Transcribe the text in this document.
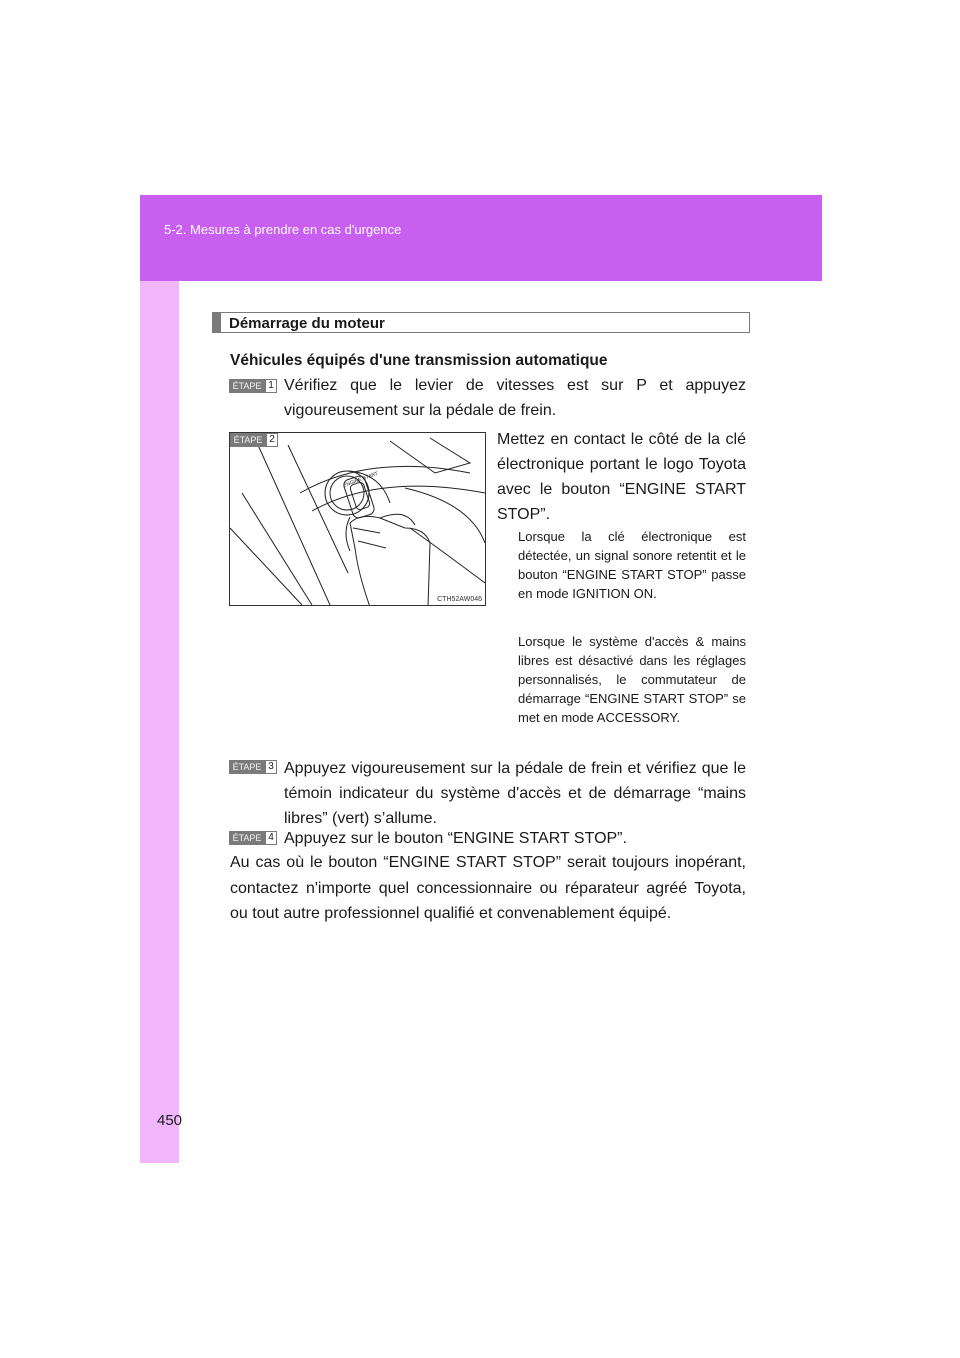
5-2. Mesures à prendre en cas d'urgence
450
Démarrage du moteur
Véhicules équipés d'une transmission automatique
ÉTAPE 1 Vérifiez que le levier de vitesses est sur P et appuyez vigoureusement sur la pédale de frein.
ENGINE START
ÉTAPE 2
CTH52AW046
Mettez en contact le côté de la clé électronique portant le logo Toyota avec le bouton “ENGINE START STOP”.
Lorsque la clé électronique est détectée, un signal sonore retentit et le bouton “ENGINE START STOP” passe en mode IGNITION ON.
Lorsque le système d'accès & mains libres est désactivé dans les réglages personnalisés, le commutateur de démarrage “ENGINE START STOP” se met en mode ACCESSORY.
ÉTAPE 3 Appuyez vigoureusement sur la pédale de frein et vérifiez que le témoin indicateur du système d'accès et de démarrage “mains libres” (vert) s’allume.
ÉTAPE 4 Appuyez sur le bouton “ENGINE START STOP”.
Au cas où le bouton “ENGINE START STOP” serait toujours inopérant, contactez n'importe quel concessionnaire ou réparateur agréé Toyota, ou tout autre professionnel qualifié et convenablement équipé.
